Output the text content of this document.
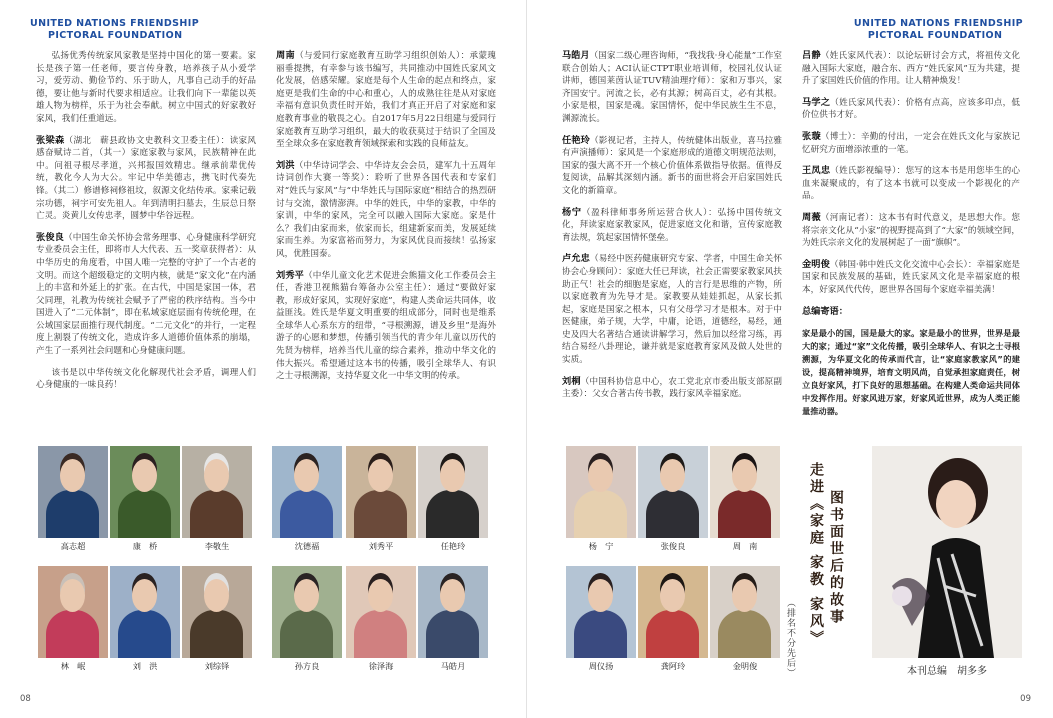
UNITED NATIONS FRIENDSHIP
PICTORAL FOUNDATION
UNITED NATIONS FRIENDSHIP
PICTORAL FOUNDATION

弘扬优秀传统家风家教是坚持中国化的第一要素。家长是孩子第一任老师，要言传身教，培养孩子从小爱学习，爱劳动、勤俭节约、乐于助人，凡事自己动手的好品德，要让他与新时代要求相适应。让我们向下一辈能以英雄人物为榜样，乐于为社会奉献。树立中国式的好家教好家风，我们任重道远。

张梁森（湖北　蕲县政协文史教科文卫委主任）：读家风感奋赋诗二首，（其一）家庭家教与家风，民族精神在此中。问祖寻根尽孝道，兴邦报国效精忠。继承前辈优传统，教化今人为大公。牢记中华美德志，携飞时代奏先锋。（其二）修谱修祠修祖坟，叙源文化结传承。家乘记载宗功德，祠宇可安先祖人。年到清明扫墓去，生辰总日祭亡灵。炎黄儿女传忠孝，圆梦中华谷远程。

张俊良（中国生命关怀协会常务理事、心身健康科学研究专业委员会主任，即将市人大代表、五一奖章获得者）：从中华历史的角度看，中国人唯一完整的守护了一个古老的文明。而这个超级稳定的文明内核，就是“家文化”在内涵上的丰富和外延上的扩张。在古代，中国是家国一体，君父同理，礼教为传统社会赋予了严密的秩序结构。当今中国进入了“二元体制”，即在私域家庭层面有传统伦理，在公域国家层面推行现代制度。“二元文化”的并行，一定程度上割裂了传统文化，造成许多人道德价值体系的崩塌，产生了一系列社会问题和心身健康问题。

该书是以中华传统文化化解现代社会矛盾，调理人们心身健康的一味良药！

周南（与爱同行家庭教育互助学习组织创始人）：承蒙瑰丽垂提携，有幸参与该书编写，共同推动中国姓氏家风文化发展，倍感荣耀。家庭是每个人生命的起点和终点，家庭更是我们生命的中心和重心，人的成熟往往是从对家庭幸福有意识负责任时开始，我们才真正开启了对家庭和家庭教育事业的敬畏之心。自2017年5月22日组建与爱同行家庭教育互助学习组织，最大的收获莫过于结识了全国及至全球众多在家庭教育领域探索和实践的良师益友。

刘洪（中华诗词学会、中华诗友会会员，建军九十五周年诗词创作大赛一等奖）：聆听了世界各国代表和专家们对“姓氏与家风”与“中华姓氏与国际家庭”相结合的热烈研讨与交流，激情澎湃。中华的姓氏，中华的家教，中华的家训，中华的家风，完全可以融入国际大家庭。家是什么？我们由家而来，依家而长，组建新家而美，发展延续家而生养。为家富裕而努力，为家风优良而接续！弘扬家风，优胜国泰。

刘秀平（中华儿童文化艺术促进会熊猫文化工作委员会主任，香港卫视熊猫台筹备办公室主任）：通过“要做好家教，形成好家风，实现好家庭”，构建人类命运共同体，收益匪浅。姓氏是华夏文明重要的组成部分，同时也是维系全球华人心系东方的纽带，“寻根溯源，谱及乡里”是海外游子的心愿和梦想，传播引领当代的青少年儿童以历代的先贤为榜样，培养当代儿童的综合素养，推动中华文化的伟大振兴。希望通过这本书的传播，吸引全球华人、有识之士寻根溯源，支持华夏文化一中华文明的传承。

马皓月（国家二级心理咨询师，“我找我·身心能量”工作室联合创始人；ACI认证CTPT职业培训师，校园礼仪认证讲师，德国莱茵认证TUV精油理疗师）：家和万事兴，家齐国安宁。河流之长，必有其源；树高百丈，必有其根。小家是根，国家是魂。家国情怀，促中华民族生生不息，渊源流长。

任艳玲（影视记者，主持人，传统健体出版业，喜马拉雅有声演播师）：家风是一个家庭形成的道德文明规范法则，国家的强大离不开一个核心价值体系做指导依据。值得反复阅读，品解其深刻内涵。新书的面世将会开启家国姓氏文化的新篇章。

杨宁（盈科律师事务所运营合伙人）：弘扬中国传统文化，拜读家庭家教家风，促进家庭文化和谐，宣传家庭教育法规，筑起家国情怀堡垒。

卢允忠（易经中医药健康研究专家、学者，中国生命关怀协会心身顾问）：家庭大任已拜读，社会正需要家教家风扶助正气！社会的细胞是家庭，人的言行是思维的产物，所以家庭教育为先导才是。家教要从娃娃抓起，从家长抓起，家庭是国家之根本，只有父母学习才是根本。对于中医健康，弟子规，大学，中庸，论语，道德经，易经，通史及四大名著结合通读讲解学习，然后加以经常习练，再结合易经八卦理论，谦并就是家庭教育家风及做人处世的实质。

刘桐（中国科协信息中心，农工党北京市委出版支部原副主委）：父女合著古传书教，践行家风幸福家庭。

吕静（姓氏家风代表）：以论坛研讨会方式，将祖传文化融入国际大家庭，融合东、西方“姓氏家风”互为共建，提升了家国姓氏价值的作用。让人精神焕发！

马学之（姓氏家风代表）：价格有点高，应该多印点，低价位供书才好。

张璇（博士）：辛勤的付出，一定会在姓氏文化与家族记忆研究方面增添浓重的一笔。

王凤忠（姓氏影视编导）：您写的这本书是用您毕生的心血来凝聚成的，有了这本书就可以变成一个影视化的产品。

周薇（河南记者）：这本书有时代意义，是思想大作。您将宗亲文化从“小家”的视野提高到了“大家”的领域空间，为姓氏宗亲文化的发展树起了一面“旗帜”。

金明俊（韩国·韩中姓氏文化交流中心会长）：幸福家庭是国家和民族发展的基础，姓氏家风文化是幸福家庭的根本，好家风代代传，愿世界各国每个家庭幸福美满！

总编寄语：

家是最小的国，国是最大的家。家是最小的世界，世界是最大的家；通过“家”文化传播，吸引全球华人、有识之士寻根溯源，为华夏文化的传承而代言，让“家庭家教家风”的建设，提高精神境界，培育文明风尚，自觉承担家庭责任，树立良好家风，打下良好的思想基础。在构建人类命运共同体中发挥作用。好家风进万家，好家风近世界，成为人类正能量推动器。

高志超	康　桥	李敬生	沈德福	刘秀平	任艳玲
林　岷	刘　洪	刘综铎	孙方良	徐泽海	马皓月
杨　宁	张俊良	周　南
周仪扬	龚阿玲	金明俊
走进《家庭 家教 家风》 图书面世后的故事
（排名不分先后）	本刊总编　胡多多
08	09
